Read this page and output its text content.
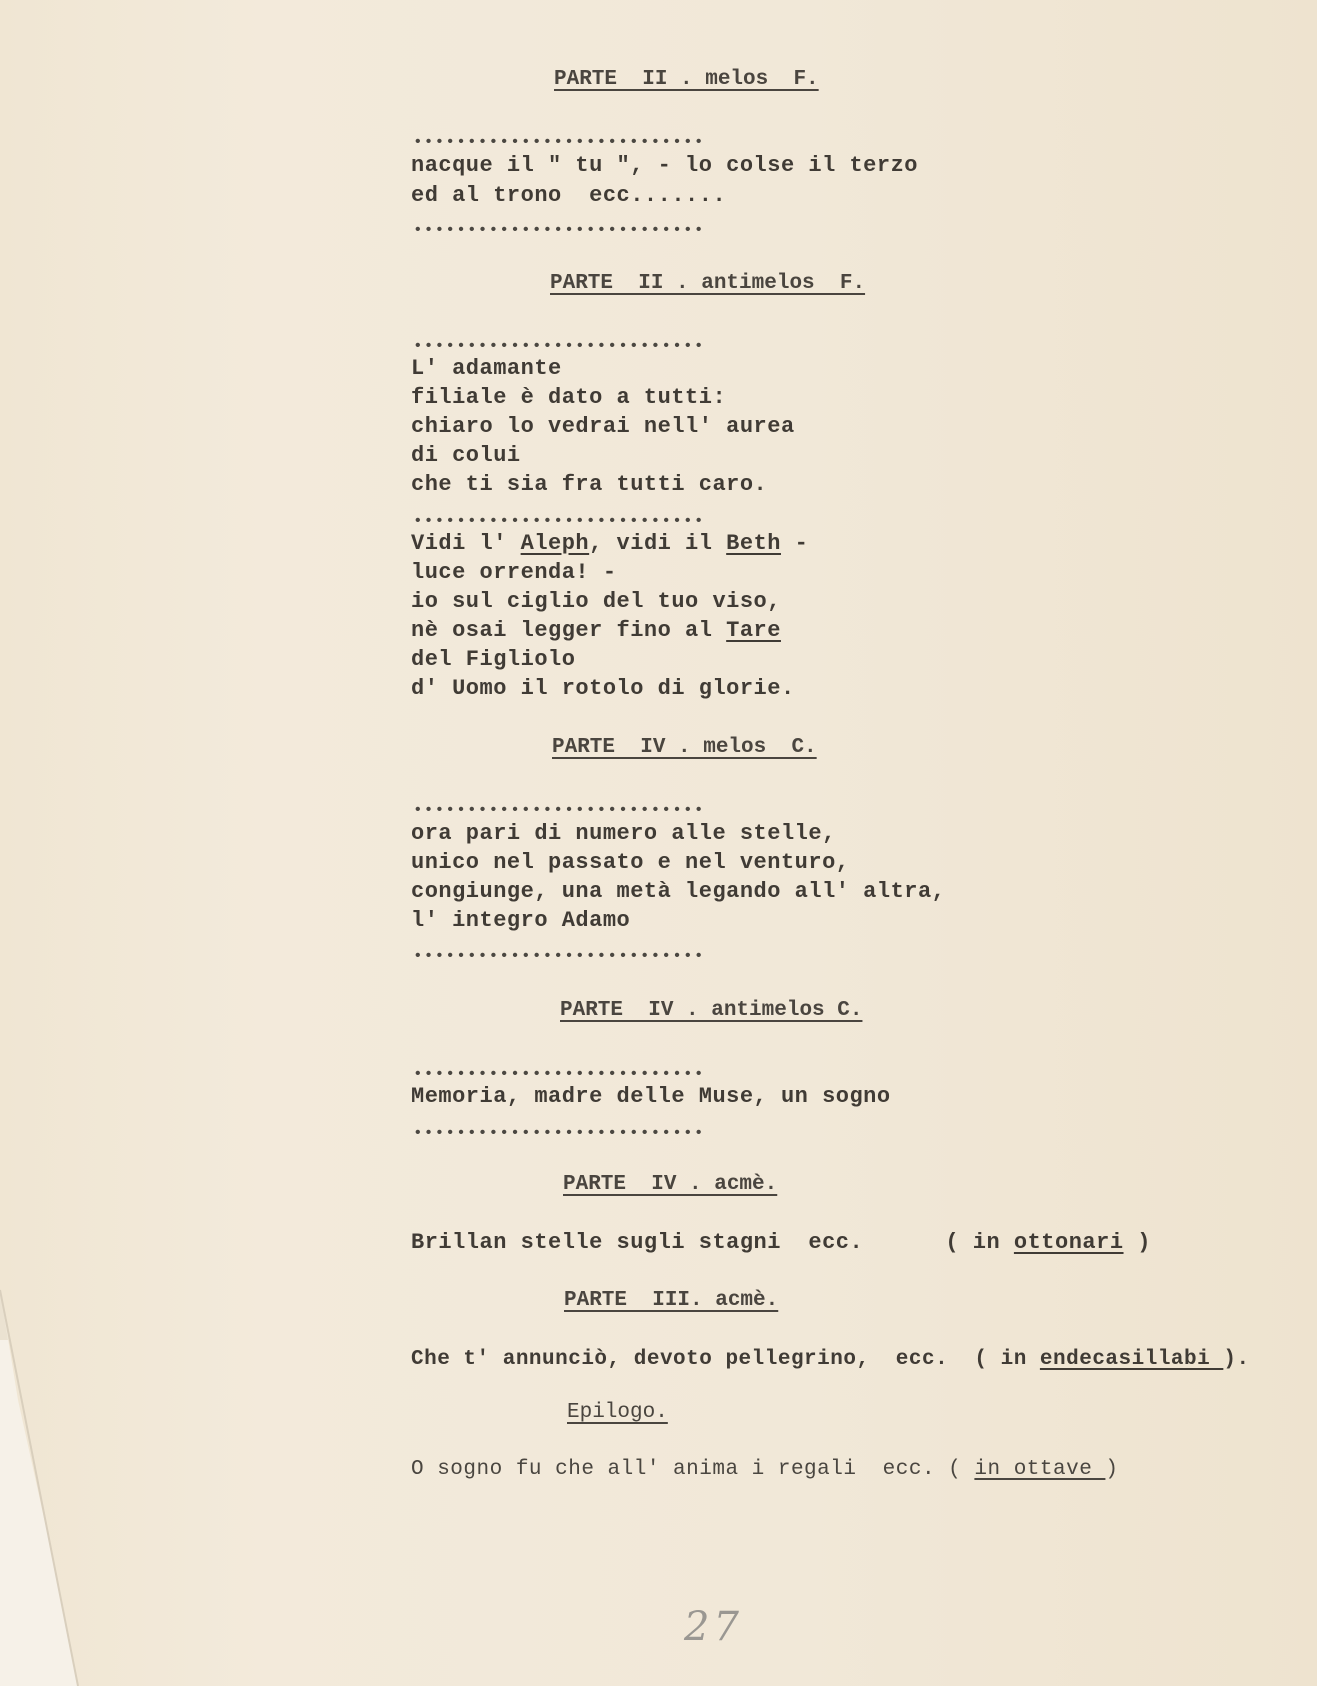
PARTE  II . melos  F.
•••••••••••••••••••••••••••
nacque il " tu ", - lo colse il terzo
ed al trono  ecc.......
•••••••••••••••••••••••••••
PARTE  II . antimelos  F.
•••••••••••••••••••••••••••
L' adamante
filiale è dato a tutti:
chiaro lo vedrai nell' aurea
di colui
che ti sia fra tutti caro.
•••••••••••••••••••••••••••
Vidi l' Aleph, vidi il Beth -
luce orrenda! -
io sul ciglio del tuo viso,
nè osai legger fino al Tare
del Figliolo
d' Uomo il rotolo di glorie.
PARTE  IV . melos  C.
•••••••••••••••••••••••••••
ora pari di numero alle stelle,
unico nel passato e nel venturo,
congiunge, una metà legando all' altra,
l' integro Adamo
•••••••••••••••••••••••••••
PARTE  IV . antimelos C.
•••••••••••••••••••••••••••
Memoria, madre delle Muse, un sogno
•••••••••••••••••••••••••••
PARTE  IV . acmè.
Brillan stelle sugli stagni  ecc.      ( in ottonari )
PARTE  III. acmè.
Che t' annunciò, devoto pellegrino,  ecc.  ( in endecasillabi ).
Epilogo.
O sogno fu che all' anima i regali  ecc. ( in ottave )
27
